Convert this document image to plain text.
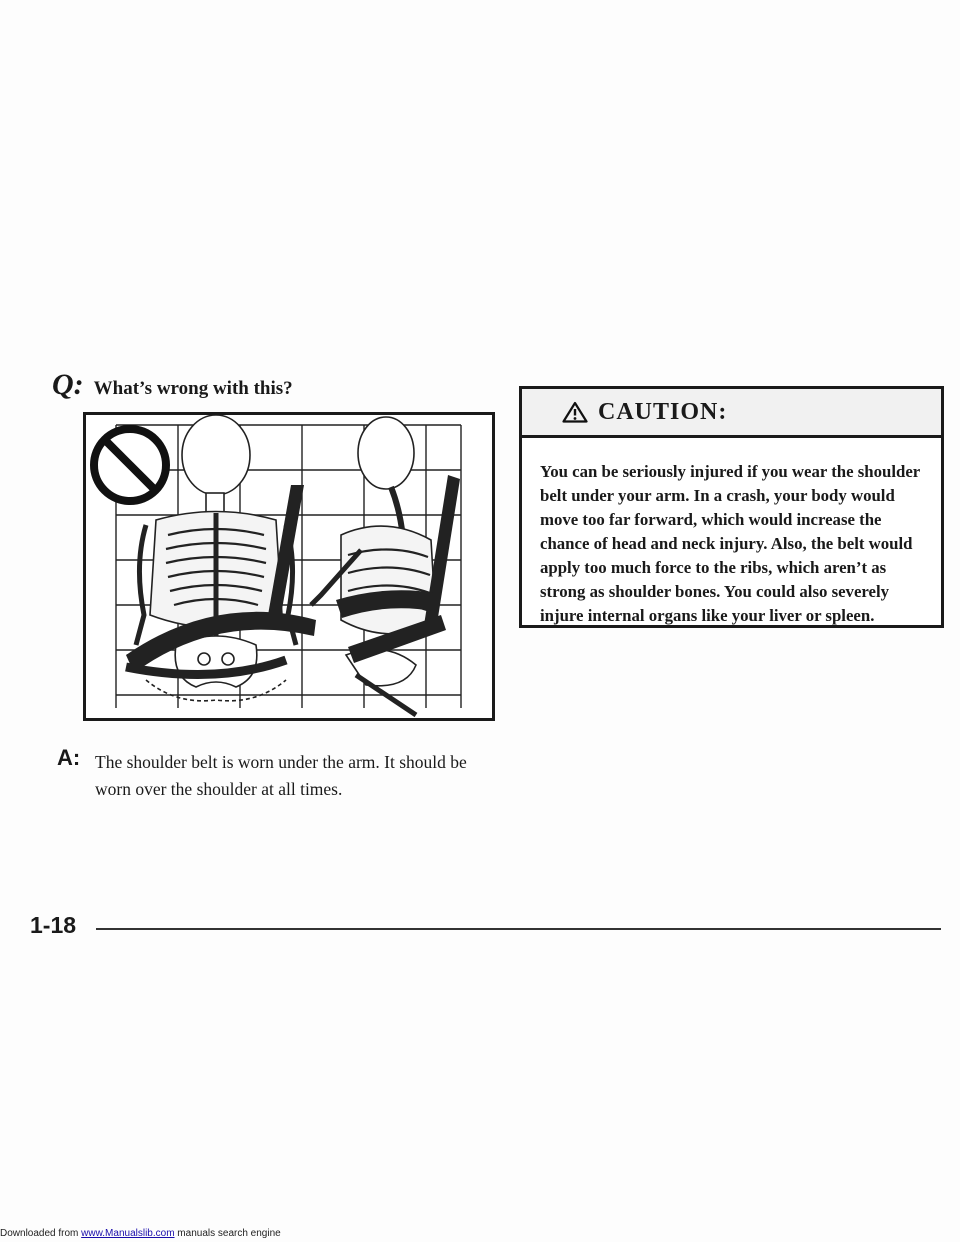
Q: What’s wrong with this?
A: The shoulder belt is worn under the arm. It should be worn over the shoulder at all times.
CAUTION:
You can be seriously injured if you wear the shoulder belt under your arm. In a crash, your body would move too far forward, which would increase the chance of head and neck injury. Also, the belt would apply too much force to the ribs, which aren’t as strong as shoulder bones. You could also severely injure internal organs like your liver or spleen.
1-18
Downloaded from www.Manualslib.com manuals search engine
